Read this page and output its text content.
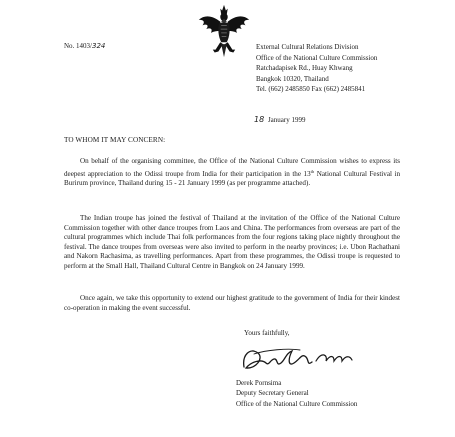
No. 1403/324	External Cultural Relations Division
Office of the National Culture Commission
Ratchadapisek Rd., Huay Khwang
Bangkok 10320, Thailand
Tel. (662) 2485850 Fax (662) 2485841
18 January 1999
TO WHOM IT MAY CONCERN:
On behalf of the organising committee, the Office of the National Culture Commission wishes to express its deepest appreciation to the Odissi troupe from India for their participation in the 13th National Cultural Festival in Burirum province, Thailand during 15 - 21 January 1999 (as per programme attached).
The Indian troupe has joined the festival of Thailand at the invitation of the Office of the National Culture Commission together with other dance troupes from Laos and China. The performances from overseas are part of the cultural programmes which include Thai folk performances from the four regions taking place nightly throughout the festival. The dance troupes from overseas were also invited to perform in the nearby provinces; i.e. Ubon Rachathani and Nakorn Rachasima, as travelling performances. Apart from these programmes, the Odissi troupe is requested to perform at the Small Hall, Thailand Cultural Centre in Bangkok on 24 January 1999.
Once again, we take this opportunity to extend our highest gratitude to the government of India for their kindest co-operation in making the event successful.
Yours faithfully,
Derek Pornsima
Deputy Secretary General
Office of the National Culture Commission
